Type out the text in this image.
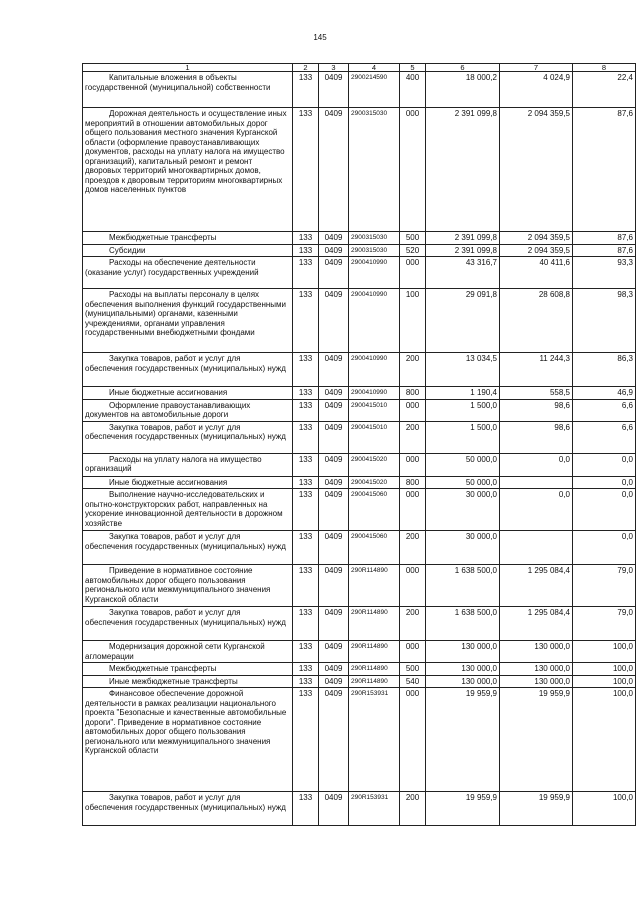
145
1	2	3	4	5	6	7	8

Капитальные вложения в объекты государственной (муниципальной) собственности	133	0409	2900214590	400	18 000,2	4 024,9	22,4

Дорожная деятельность и осуществление иных мероприятий в отношении автомобильных дорог общего пользования местного значения Курганской области (оформление правоустанавливающих документов, расходы на уплату налога на имущество организаций), капитальный ремонт и ремонт дворовых территорий многоквартирных домов, проездов к дворовым территориям многоквартирных домов населенных пунктов	133	0409	2900315030	000	2 391 099,8	2 094 359,5	87,6

Межбюджетные трансферты	133	0409	2900315030	500	2 391 099,8	2 094 359,5	87,6

Субсидии	133	0409	2900315030	520	2 391 099,8	2 094 359,5	87,6

Расходы на обеспечение деятельности (оказание услуг) государственных учреждений	133	0409	2900410990	000	43 316,7	40 411,6	93,3

Расходы на выплаты персоналу в целях обеспечения выполнения функций государственными (муниципальными) органами, казенными учреждениями, органами управления государственными внебюджетными фондами	133	0409	2900410990	100	29 091,8	28 608,8	98,3

Закупка товаров, работ и услуг для обеспечения государственных (муниципальных) нужд	133	0409	2900410990	200	13 034,5	11 244,3	86,3

Иные бюджетные ассигнования	133	0409	2900410990	800	1 190,4	558,5	46,9

Оформление правоустанавливающих документов на автомобильные дороги	133	0409	2900415010	000	1 500,0	98,6	6,6

Закупка товаров, работ и услуг для обеспечения государственных (муниципальных) нужд	133	0409	2900415010	200	1 500,0	98,6	6,6

Расходы на уплату налога на имущество организаций	133	0409	2900415020	000	50 000,0	0,0	0,0

Иные бюджетные ассигнования	133	0409	2900415020	800	50 000,0		0,0

Выполнение научно-исследовательских и опытно-конструкторских работ, направленных на ускорение инновационной деятельности в дорожном хозяйстве	133	0409	2900415060	000	30 000,0	0,0	0,0

Закупка товаров, работ и услуг для обеспечения государственных (муниципальных) нужд	133	0409	2900415060	200	30 000,0		0,0

Приведение в нормативное состояние автомобильных дорог общего пользования регионального или межмуниципального значения Курганской области	133	0409	290R114890	000	1 638 500,0	1 295 084,4	79,0

Закупка товаров, работ и услуг для обеспечения государственных (муниципальных) нужд	133	0409	290R114890	200	1 638 500,0	1 295 084,4	79,0

Модернизация дорожной сети Курганской агломерации	133	0409	290R114890	000	130 000,0	130 000,0	100,0

Межбюджетные трансферты	133	0409	290R114890	500	130 000,0	130 000,0	100,0

Иные межбюджетные трансферты	133	0409	290R114890	540	130 000,0	130 000,0	100,0

Финансовое обеспечение дорожной деятельности в рамках реализации национального проекта "Безопасные и качественные автомобильные дороги". Приведение в нормативное состояние автомобильных дорог общего пользования регионального или межмуниципального значения Курганской области	133	0409	290R153931	000	19 959,9	19 959,9	100,0

Закупка товаров, работ и услуг для обеспечения государственных (муниципальных) нужд	133	0409	290R153931	200	19 959,9	19 959,9	100,0
